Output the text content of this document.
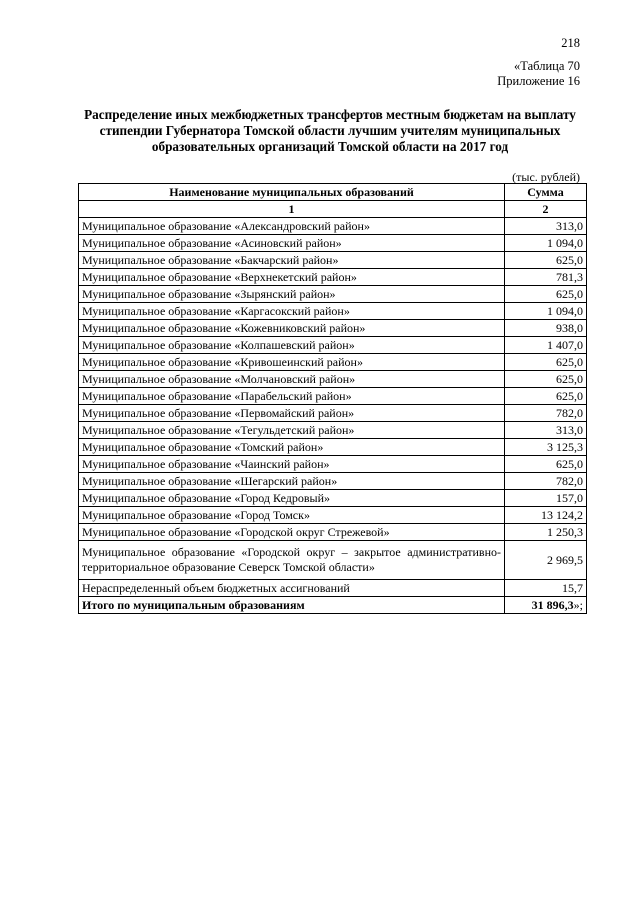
218
«Таблица 70
Приложение 16
Распределение иных межбюджетных трансфертов местным бюджетам на выплату стипендии Губернатора Томской области лучшим учителям муниципальных образовательных организаций Томской области на 2017 год
(тыс. рублей)
Наименование муниципальных образований	Сумма
1	2
Муниципальное образование «Александровский район»	313,0
Муниципальное образование «Асиновский район»	1 094,0
Муниципальное образование «Бакчарский район»	625,0
Муниципальное образование «Верхнекетский район»	781,3
Муниципальное образование «Зырянский район»	625,0
Муниципальное образование «Каргасокский район»	1 094,0
Муниципальное образование «Кожевниковский район»	938,0
Муниципальное образование «Колпашевский район»	1 407,0
Муниципальное образование «Кривошеинский район»	625,0
Муниципальное образование «Молчановский район»	625,0
Муниципальное образование «Парабельский район»	625,0
Муниципальное образование «Первомайский район»	782,0
Муниципальное образование «Тегульдетский район»	313,0
Муниципальное образование «Томский район»	3 125,3
Муниципальное образование «Чаинский район»	625,0
Муниципальное образование «Шегарский район»	782,0
Муниципальное образование «Город Кедровый»	157,0
Муниципальное образование «Город Томск»	13 124,2
Муниципальное образование «Городской округ Стрежевой»	1 250,3
Муниципальное образование «Городской округ – закрытое административно-территориальное образование Северск Томской области»	2 969,5
Нераспределенный объем бюджетных ассигнований	15,7
Итого по муниципальным образованиям	31 896,3»;
